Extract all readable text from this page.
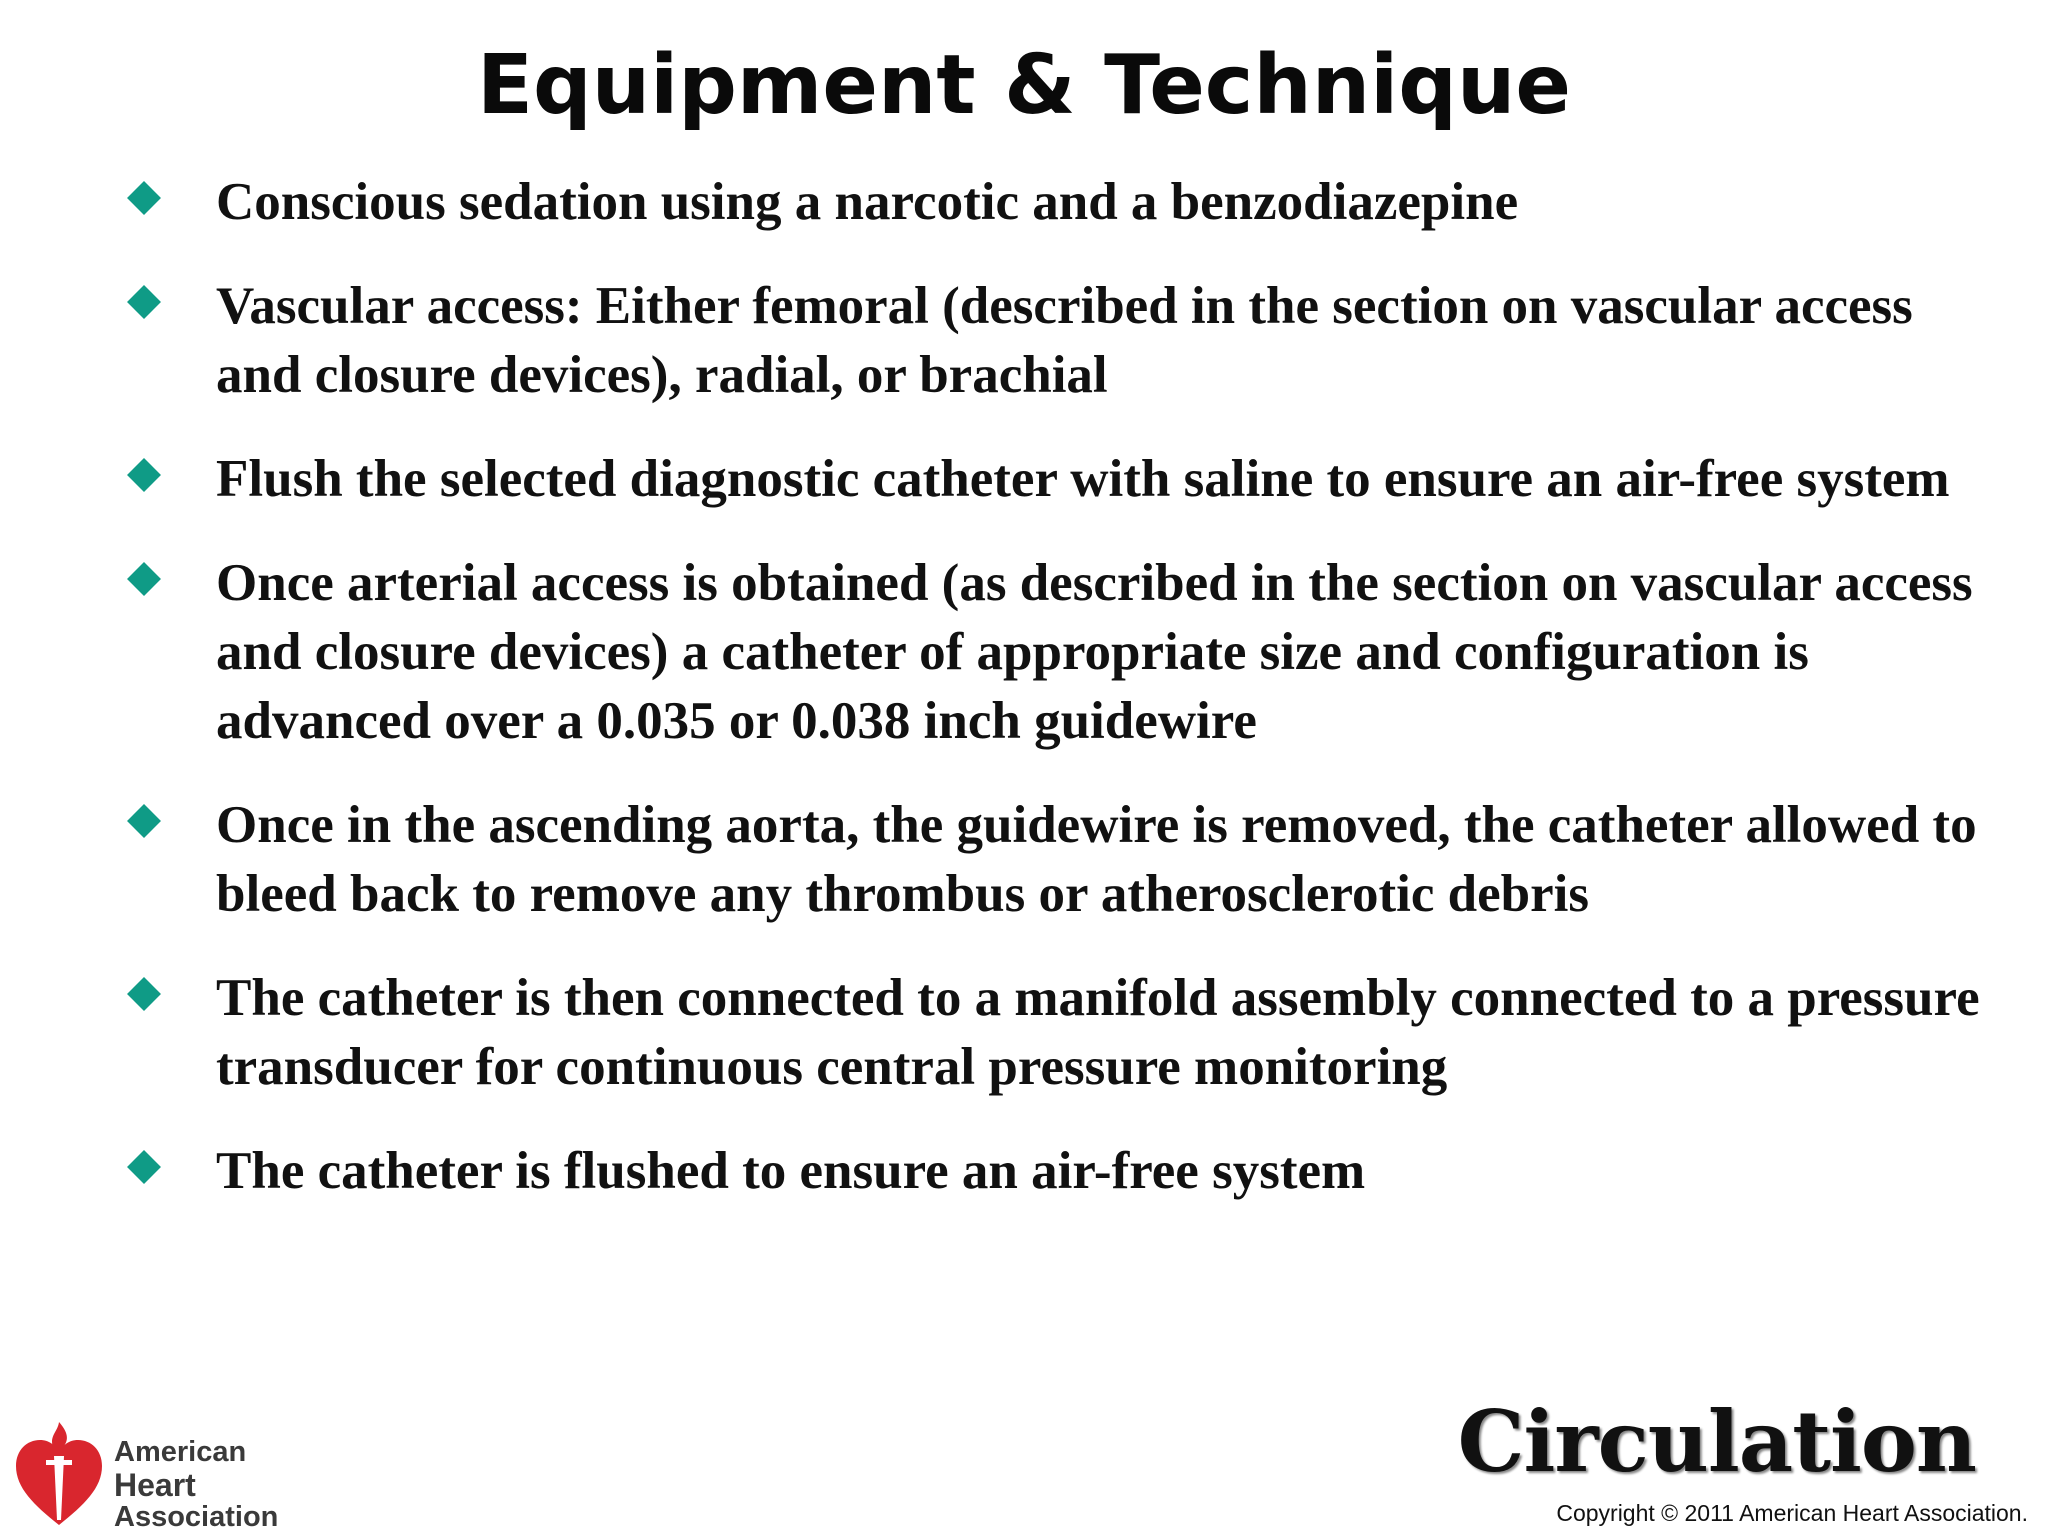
Equipment & Technique
Conscious sedation using a narcotic and a benzodiazepine
Vascular access: Either femoral (described in the section on vascular access and closure devices), radial, or brachial
Flush the selected diagnostic catheter with saline to ensure an air-free system
Once arterial access is obtained (as described in the section on vascular access and closure devices) a catheter of appropriate size and configuration is advanced over a 0.035 or 0.038 inch guidewire
Once in the ascending aorta, the guidewire is removed, the catheter allowed to bleed back to remove any thrombus or atherosclerotic debris
The catheter is then connected to a manifold assembly connected to a pressure transducer for continuous central pressure monitoring
The catheter is flushed to ensure an air-free system
American
Heart
Association
Circulation
Copyright © 2011 American Heart Association.
